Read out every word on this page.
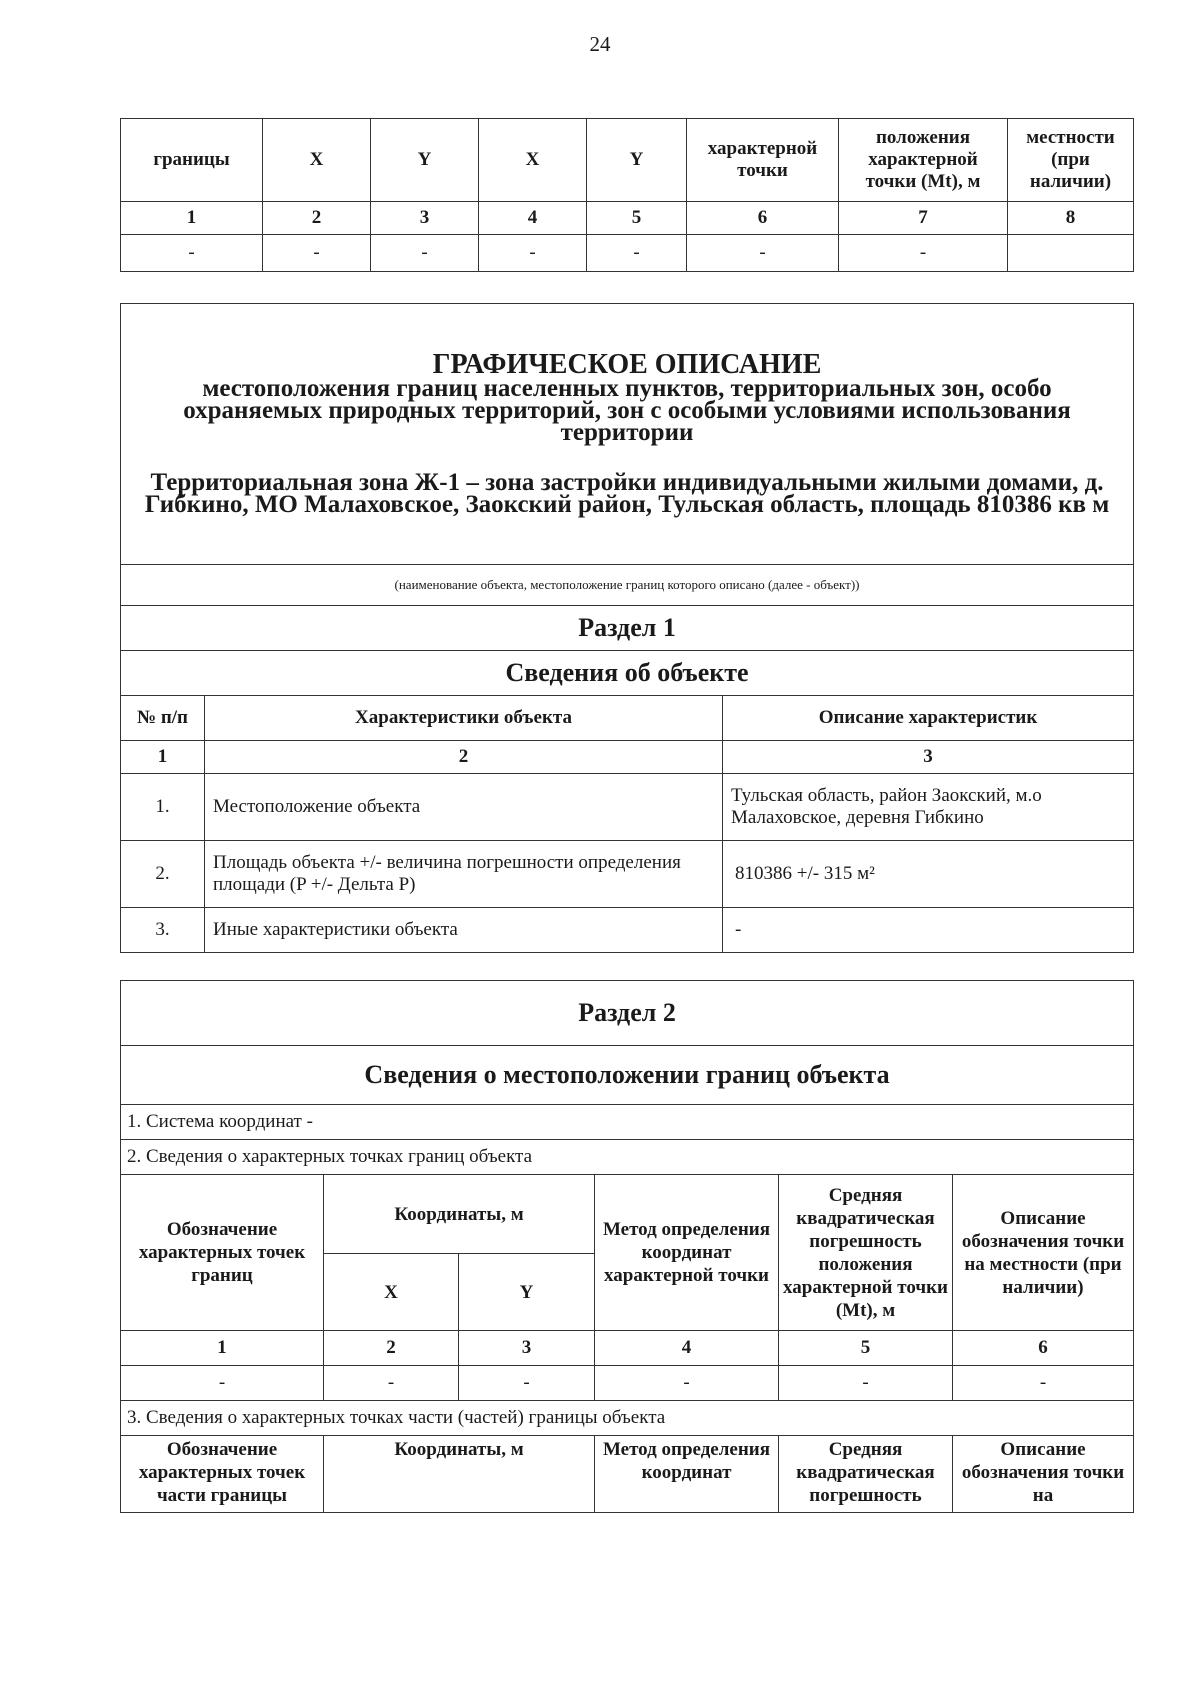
24
границы	X	Y	X	Y	характерной точки	положения характерной точки (Mt), м	местности (при наличии)
1	2	3	4	5	6	7	8
-	-	-	-	-	-	-	
ГРАФИЧЕСКОЕ ОПИСАНИЕ
местоположения границ населенных пунктов, территориальных зон, особо охраняемых природных территорий, зон с особыми условиями использования территории
Территориальная зона Ж-1 – зона застройки индивидуальными жилыми домами, д. Гибкино, МО Малаховское, Заокский район, Тульская область, площадь 810386 кв м		

(наименование объекта, местоположение границ которого описано (далее - объект))		
Раздел 1		
Сведения об объекте		
№ п/п	Характеристики объекта	Описание характеристик
1	2	3
1.	Местоположение объекта	Тульская область, район Заокский, м.о Малаховское, деревня Гибкино
2.	Площадь объекта +/- величина погрешности определения площади (P +/- Дельта P)	810386 +/- 315 м²
3.	Иные характеристики объекта	-
Раздел 2					
Сведения о местоположении границ объекта					
1. Система координат -					
2. Сведения о характерных точках границ объекта					
Обозначение характерных точек границ	Координаты, м		Метод определения координат характерной точки	Средняя квадратическая погрешность положения характерной точки (Mt), м	Описание обозначения точки на местности (при наличии)
	X	Y			
1	2	3	4	5	6
-	-	-	-	-	-
3. Сведения о характерных точках части (частей) границы объекта					
Обозначение характерных точек части границы	Координаты, м		Метод определения координат	Средняя квадратическая погрешность	Описание обозначения точки на
